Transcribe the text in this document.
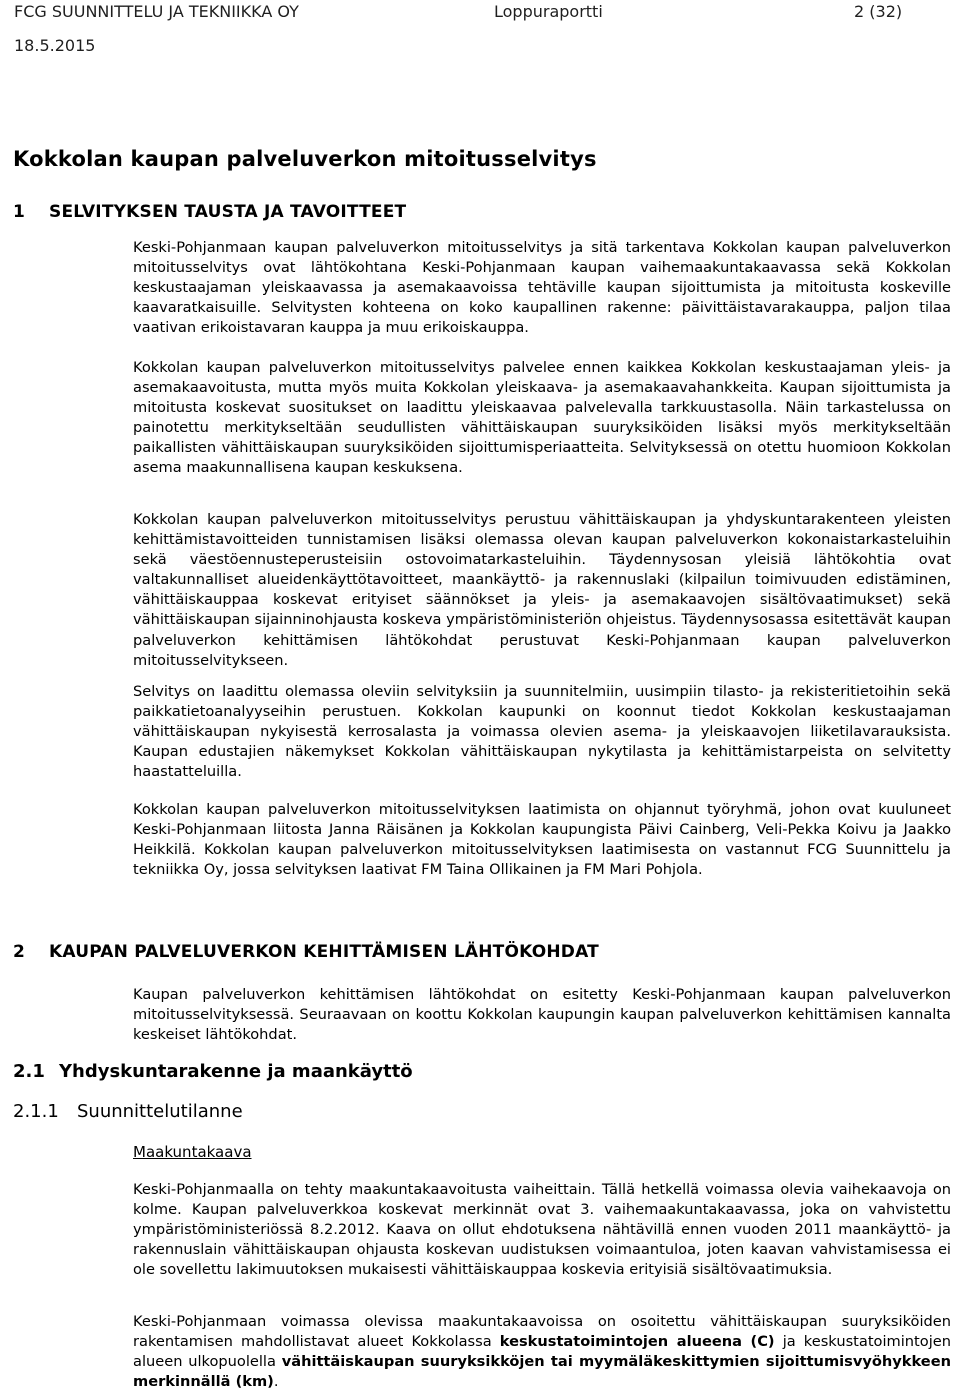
FCG SUUNNITTELU JA TEKNIIKKA OY
18.5.2015
Loppuraportti	2 (32)
Kokkolan kaupan palveluverkon mitoitusselvitys
1 SELVITYKSEN TAUSTA JA TAVOITTEET

Keski-Pohjanmaan kaupan palveluverkon mitoitusselvitys ja sitä tarkentava Kokkolan kaupan palveluverkon mitoitusselvitys ovat lähtökohtana Keski-Pohjanmaan kaupan vaihemaakuntakaavassa sekä Kokkolan keskustaajaman yleiskaavassa ja asemakaavoissa tehtäville kaupan sijoittumista ja mitoitusta koskeville kaavaratkaisuille. Selvitysten kohteena on koko kaupallinen rakenne: päivittäistavarakauppa, paljon tilaa vaativan erikoistavaran kauppa ja muu erikoiskauppa.

Kokkolan kaupan palveluverkon mitoitusselvitys palvelee ennen kaikkea Kokkolan keskustaajaman yleis- ja asemakaavoitusta, mutta myös muita Kokkolan yleiskaava- ja asemakaavahankkeita. Kaupan sijoittumista ja mitoitusta koskevat suositukset on laadittu yleiskaavaa palvelevalla tarkkuustasolla. Näin tarkastelussa on painotettu merkitykseltään seudullisten vähittäiskaupan suuryksiköiden lisäksi myös merkitykseltään paikallisten vähittäiskaupan suuryksiköiden sijoittumisperiaatteita. Selvityksessä on otettu huomioon Kokkolan asema maakunnallisena kaupan keskuksena.

Kokkolan kaupan palveluverkon mitoitusselvitys perustuu vähittäiskaupan ja yhdyskuntarakenteen yleisten kehittämistavoitteiden tunnistamisen lisäksi olemassa olevan kaupan palveluverkon kokonaistarkasteluihin sekä väestöennusteperusteisiin ostovoimatarkasteluihin. Täydennysosan yleisiä lähtökohtia ovat valtakunnalliset alueidenkäyttötavoitteet, maankäyttö- ja rakennuslaki (kilpailun toimivuuden edistäminen, vähittäiskauppaa koskevat erityiset säännökset ja yleis- ja asemakaavojen sisältövaatimukset) sekä vähittäiskaupan sijainninohjausta koskeva ympäristöministeriön ohjeistus. Täydennysosassa esitettävät kaupan palveluverkon kehittämisen lähtökohdat perustuvat Keski-Pohjanmaan kaupan palveluverkon mitoitusselvitykseen.

Selvitys on laadittu olemassa oleviin selvityksiin ja suunnitelmiin, uusimpiin tilasto- ja rekisteritietoihin sekä paikkatietoanalyyseihin perustuen. Kokkolan kaupunki on koonnut tiedot Kokkolan keskustaajaman vähittäiskaupan nykyisestä kerrosalasta ja voimassa olevien asema- ja yleiskaavojen liiketilavarauksista. Kaupan edustajien näkemykset Kokkolan vähittäiskaupan nykytilasta ja kehittämistarpeista on selvitetty haastatteluilla.

Kokkolan kaupan palveluverkon mitoitusselvityksen laatimista on ohjannut työryhmä, johon ovat kuuluneet Keski-Pohjanmaan liitosta Janna Räisänen ja Kokkolan kaupungista Päivi Cainberg, Veli-Pekka Koivu ja Jaakko Heikkilä. Kokkolan kaupan palveluverkon mitoitusselvityksen laatimisesta on vastannut FCG Suunnittelu ja tekniikka Oy, jossa selvityksen laativat FM Taina Ollikainen ja FM Mari Pohjola.

2 KAUPAN PALVELUVERKON KEHITTÄMISEN LÄHTÖKOHDAT

Kaupan palveluverkon kehittämisen lähtökohdat on esitetty Keski-Pohjanmaan kaupan palveluverkon mitoitusselvityksessä. Seuraavaan on koottu Kokkolan kaupungin kaupan palveluverkon kehittämisen kannalta keskeiset lähtökohdat.

2.1 Yhdyskuntarakenne ja maankäyttö
2.1.1 Suunnittelutilanne
Maakuntakaava

Keski-Pohjanmaalla on tehty maakuntakaavoitusta vaiheittain. Tällä hetkellä voimassa olevia vaihekaavoja on kolme. Kaupan palveluverkkoa koskevat merkinnät ovat 3. vaihemaakuntakaavassa, joka on vahvistettu ympäristöministeriössä 8.2.2012. Kaava on ollut ehdotuksena nähtävillä ennen vuoden 2011 maankäyttö- ja rakennuslain vähittäiskaupan ohjausta koskevan uudistuksen voimaantuloa, joten kaavan vahvistamisessa ei ole sovellettu lakimuutoksen mukaisesti vähittäiskauppaa koskevia erityisiä sisältövaatimuksia.

Keski-Pohjanmaan voimassa olevissa maakuntakaavoissa on osoitettu vähittäiskaupan suuryksiköiden rakentamisen mahdollistavat alueet Kokkolassa keskustatoimintojen alueena (C) ja keskustatoimintojen alueen ulkopuolella vähittäiskaupan suuryksikköjen tai myymäläkeskittymien sijoittumisvyöhykkeen merkinnällä (km).
